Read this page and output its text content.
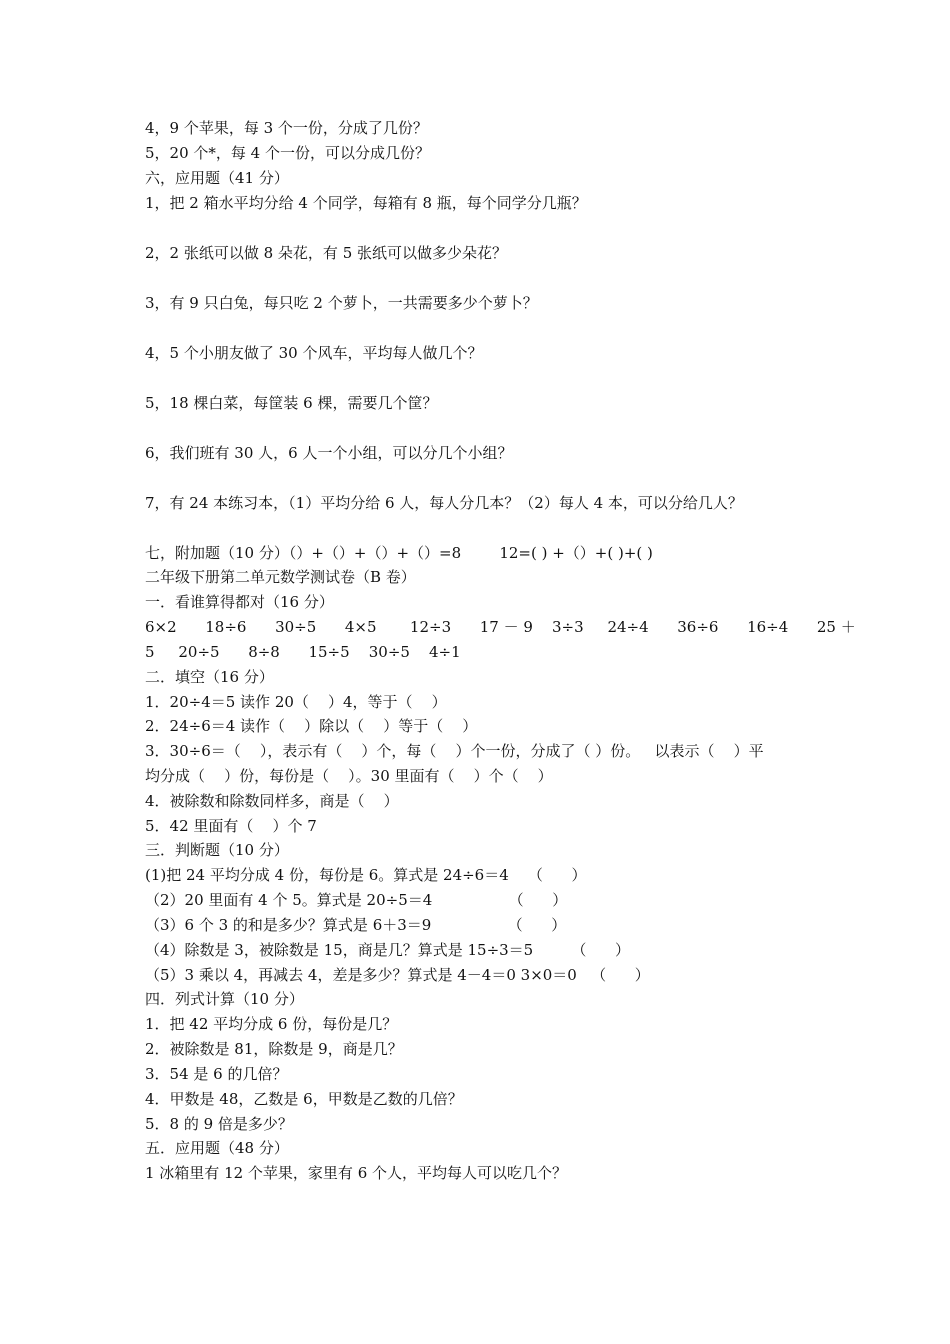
4，9 个苹果，每 3 个一份，分成了几份？
5，20 个*，每 4 个一份，可以分成几份？
六，应用题（41 分）
1，把 2 箱水平均分给 4 个同学，每箱有 8 瓶，每个同学分几瓶？
2，2 张纸可以做 8 朵花，有 5 张纸可以做多少朵花？
3，有 9 只白兔，每只吃 2 个萝卜，一共需要多少个萝卜？
4，5 个小朋友做了 30 个风车，平均每人做几个？
5，18 棵白菜，每筐装 6 棵，需要几个筐？
6，我们班有 30 人，6 人一个小组，可以分几个小组？
7，有 24 本练习本，（1）平均分给 6 人，每人分几本？（2）每人 4 本，可以分给几人？
七，附加题（10 分）（）+（）+（）+（）=8        12=( ) +（）+( )+( )
二年级下册第二单元数学测试卷（B 卷）
一．看谁算得都对（16 分）
6×2      18÷6      30÷5      4×5       12÷3      17 － 9    3÷3     24÷4      36÷6      16÷4      25 ＋
5     20÷5      8÷8      15÷5    30÷5    4÷1
二．填空（16 分）
1．20÷4＝5 读作 20（    ）4，等于（    ）
2．24÷6＝4 读作（    ）除以（    ）等于（    ）
3．30÷6＝（    ），表示有（    ）个，每（    ）个一份，分成了（ ）份。   以表示（    ）平
均分成（    ）份，每份是（    ）。30 里面有（    ）个（    ）
4．被除数和除数同样多，商是（    ）
5．42 里面有（    ）个 7
三．判断题（10 分）
(1)把 24 平均分成 4 份，每份是 6。算式是 24÷6＝4    （      ）
（2）20 里面有 4 个 5。算式是 20÷5＝4                （      ）
（3）6 个 3 的和是多少？算式是 6＋3＝9                （      ）
（4）除数是 3，被除数是 15，商是几？算式是 15÷3＝5        （      ）
（5）3 乘以 4，再减去 4，差是多少？算式是 4－4＝0 3×0＝0   （      ）
四．列式计算（10 分）
1．把 42 平均分成 6 份，每份是几？
2．被除数是 81，除数是 9，商是几？
3．54 是 6 的几倍？
4．甲数是 48，乙数是 6，甲数是乙数的几倍？
5．8 的 9 倍是多少？
五．应用题（48 分）
1 冰箱里有 12 个苹果，家里有 6 个人，平均每人可以吃几个？
